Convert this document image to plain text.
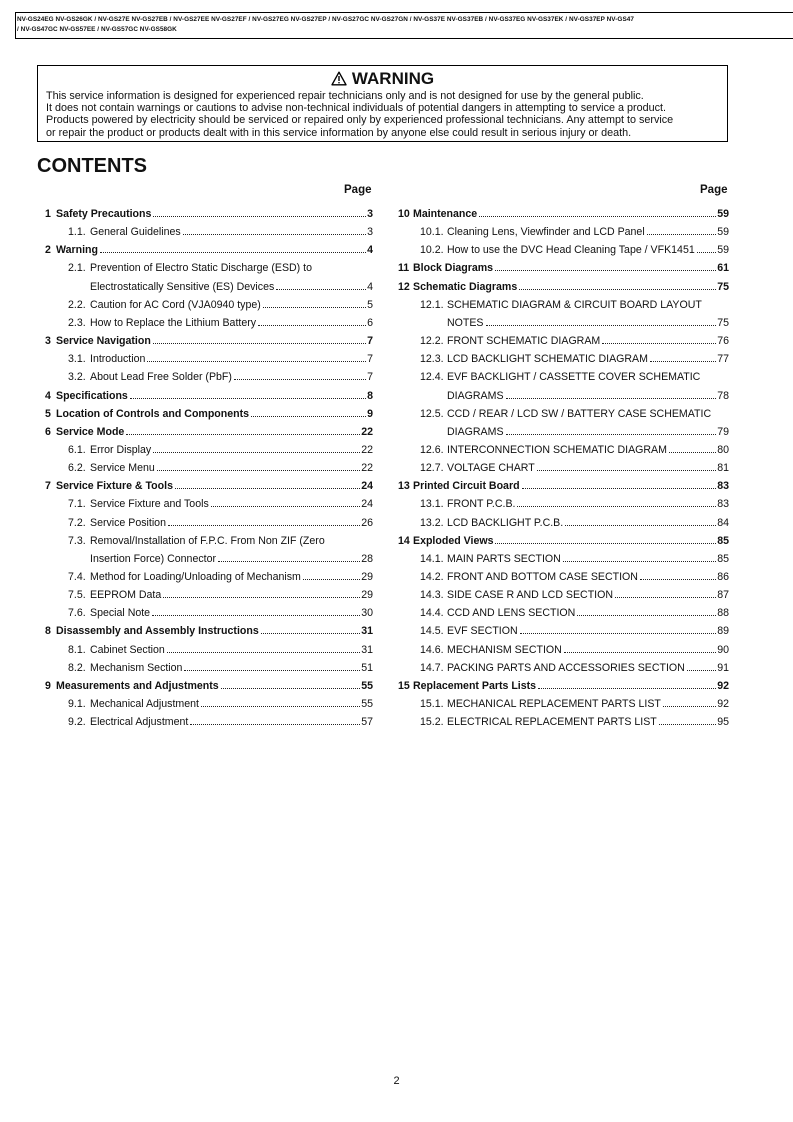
NV-GS24EG NV-GS26GK / NV-GS27E NV-GS27EB / NV-GS27EE NV-GS27EF / NV-GS27EG NV-GS27EP / NV-GS27GC NV-GS27GN / NV-GS37E NV-GS37EB / NV-GS37EG NV-GS37EK / NV-GS37EP NV-GS47
/ NV-GS47GC NV-GS57EE / NV-GS57GC NV-GS58GK
WARNING
This service information is designed for experienced repair technicians only and is not designed for use by the general public.
It does not contain warnings or cautions to advise non-technical individuals of potential dangers in attempting to service a product.
Products powered by electricity should be serviced or repaired only by experienced professional technicians. Any attempt to service
or repair the product or products dealt with in this service information by anyone else could result in serious injury or death.
CONTENTS
Page	Page
1 Safety Precautions	3
1.1. General Guidelines	3
2 Warning	4
2.1. Prevention of Electro Static Discharge (ESD) to
Electrostatically Sensitive (ES) Devices	4
2.2. Caution for AC Cord (VJA0940 type)	5
2.3. How to Replace the Lithium Battery	6
3 Service Navigation	7
3.1. Introduction	7
3.2. About Lead Free Solder (PbF)	7
4 Specifications	8
5 Location of Controls and Components	9
6 Service Mode	22
6.1. Error Display	22
6.2. Service Menu	22
7 Service Fixture & Tools	24
7.1. Service Fixture and Tools	24
7.2. Service Position	26
7.3. Removal/Installation of F.P.C. From Non ZIF (Zero
Insertion Force) Connector	28
7.4. Method for Loading/Unloading of Mechanism	29
7.5. EEPROM Data	29
7.6. Special Note	30
8 Disassembly and Assembly Instructions	31
8.1. Cabinet Section	31
8.2. Mechanism Section	51
9 Measurements and Adjustments	55
9.1. Mechanical Adjustment	55
9.2. Electrical Adjustment	57
10 Maintenance	59
10.1. Cleaning Lens, Viewfinder and LCD Panel	59
10.2. How to use the DVC Head Cleaning Tape / VFK1451 59
11 Block Diagrams	61
12 Schematic Diagrams	75
12.1. SCHEMATIC DIAGRAM & CIRCUIT BOARD LAYOUT
NOTES	75
12.2. FRONT SCHEMATIC DIAGRAM	76
12.3. LCD BACKLIGHT SCHEMATIC DIAGRAM	77
12.4. EVF BACKLIGHT / CASSETTE COVER SCHEMATIC
DIAGRAMS	78
12.5. CCD / REAR / LCD SW / BATTERY CASE SCHEMATIC
DIAGRAMS	79
12.6. INTERCONNECTION SCHEMATIC DIAGRAM	80
12.7. VOLTAGE CHART	81
13 Printed Circuit Board	83
13.1. FRONT P.C.B.	83
13.2. LCD BACKLIGHT P.C.B.	84
14 Exploded Views	85
14.1. MAIN PARTS SECTION	85
14.2. FRONT AND BOTTOM CASE SECTION	86
14.3. SIDE CASE R AND LCD SECTION	87
14.4. CCD AND LENS SECTION	88
14.5. EVF SECTION	89
14.6. MECHANISM SECTION	90
14.7. PACKING PARTS AND ACCESSORIES SECTION	91
15 Replacement Parts Lists	92
15.1. MECHANICAL REPLACEMENT PARTS LIST	92
15.2. ELECTRICAL REPLACEMENT PARTS LIST	95
2
